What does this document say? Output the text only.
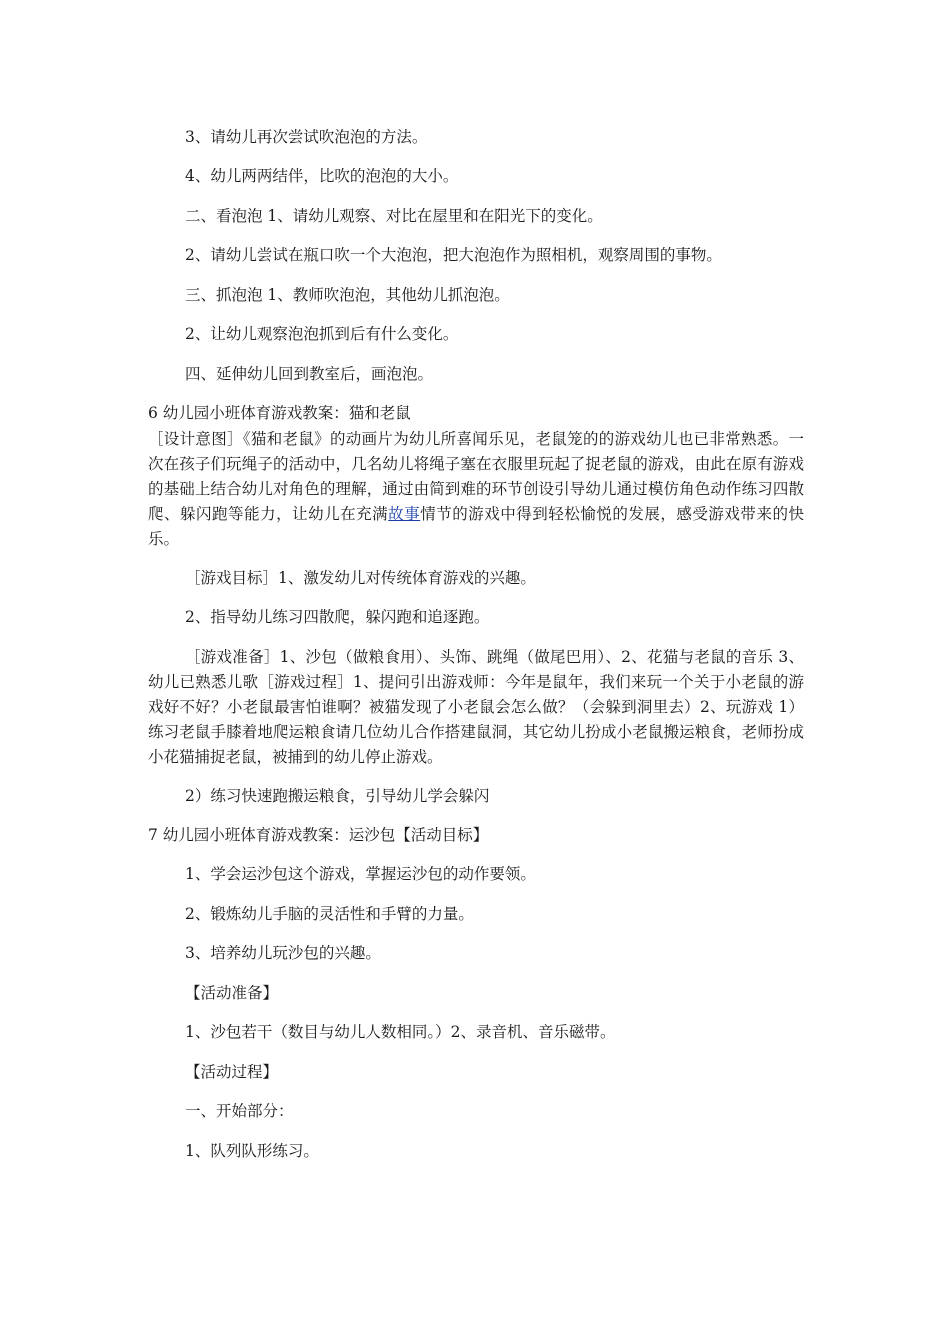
3、请幼儿再次尝试吹泡泡的方法。

4、幼儿两两结伴，比吹的泡泡的大小。

二、看泡泡 1、请幼儿观察、对比在屋里和在阳光下的变化。

2、请幼儿尝试在瓶口吹一个大泡泡，把大泡泡作为照相机，观察周围的事物。

三、抓泡泡 1、教师吹泡泡，其他幼儿抓泡泡。

2、让幼儿观察泡泡抓到后有什么变化。

四、延伸幼儿回到教室后，画泡泡。

6 幼儿园小班体育游戏教案：猫和老鼠

［设计意图］《猫和老鼠》的动画片为幼儿所喜闻乐见，老鼠笼的的游戏幼儿也已非常熟悉。一次在孩子们玩绳子的活动中，几名幼儿将绳子塞在衣服里玩起了捉老鼠的游戏，由此在原有游戏的基础上结合幼儿对角色的理解，通过由简到难的环节创设引导幼儿通过模仿角色动作练习四散爬、躲闪跑等能力，让幼儿在充满故事情节的游戏中得到轻松愉悦的发展，感受游戏带来的快乐。

［游戏目标］1、激发幼儿对传统体育游戏的兴趣。

2、指导幼儿练习四散爬，躲闪跑和追逐跑。

［游戏准备］1、沙包（做粮食用）、头饰、跳绳（做尾巴用）、2、花猫与老鼠的音乐 3、幼儿已熟悉儿歌［游戏过程］1、提问引出游戏师：今年是鼠年，我们来玩一个关于小老鼠的游戏好不好？小老鼠最害怕谁啊？被猫发现了小老鼠会怎么做？（会躲到洞里去）2、玩游戏 1）练习老鼠手膝着地爬运粮食请几位幼儿合作搭建鼠洞，其它幼儿扮成小老鼠搬运粮食，老师扮成小花猫捕捉老鼠，被捕到的幼儿停止游戏。

2）练习快速跑搬运粮食，引导幼儿学会躲闪

7 幼儿园小班体育游戏教案：运沙包【活动目标】

1、学会运沙包这个游戏，掌握运沙包的动作要领。

2、锻炼幼儿手脑的灵活性和手臂的力量。

3、培养幼儿玩沙包的兴趣。

【活动准备】

1、沙包若干（数目与幼儿人数相同。）2、录音机、音乐磁带。

【活动过程】

一、开始部分：

1、队列队形练习。
